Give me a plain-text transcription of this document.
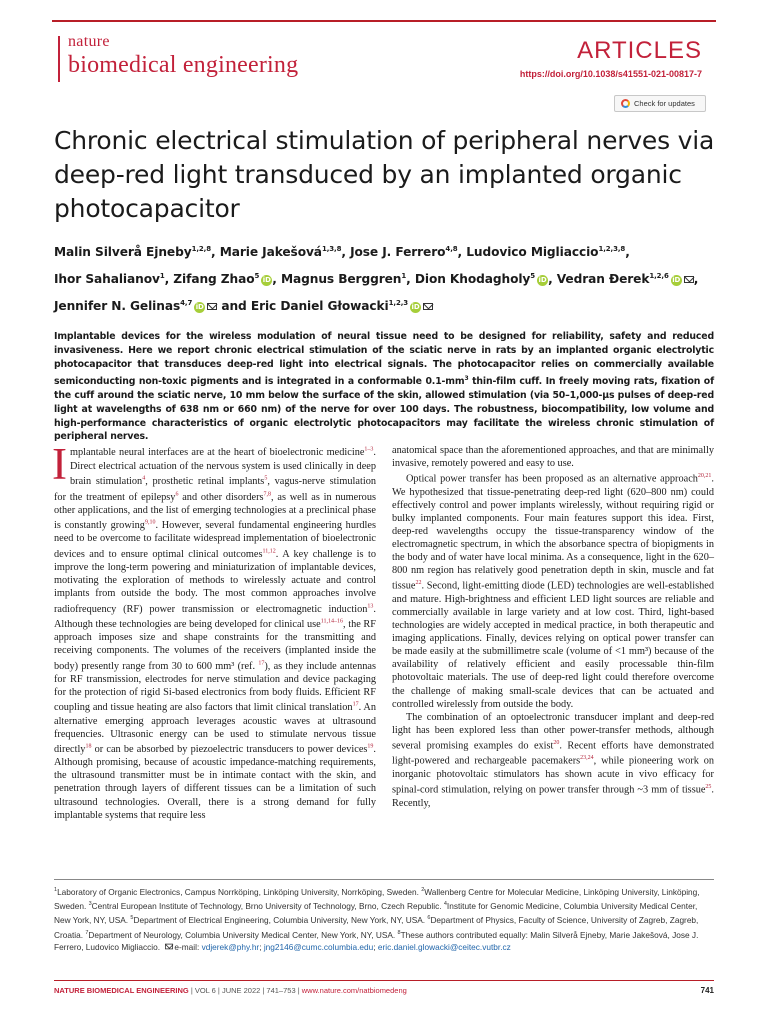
nature
biomedical engineering
ARTICLES
https://doi.org/10.1038/s41551-021-00817-7
Check for updates
Chronic electrical stimulation of peripheral nerves via deep-red light transduced by an implanted organic photocapacitor
Malin Silverå Ejneby$^{1,2,8}$, Marie Jakešová$^{1,3,8}$, Jose J. Ferrero$^{4,8}$, Ludovico Migliaccio$^{1,2,3,8}$,
Ihor Sahalianov$^1$, Zifang Zhao$^5$iD , Magnus Berggren$^1$, Dion Khodagholy$^5$iD , Vedran Đerek$^{1,2,6}$iD ,
Jennifer N. Gelinas$^{4,7}$iD and Eric Daniel Głowacki$^{1,2,3}$iD
Implantable devices for the wireless modulation of neural tissue need to be designed for reliability, safety and reduced invasiveness. Here we report chronic electrical stimulation of the sciatic nerve in rats by an implanted organic electrolytic photocapacitor that transduces deep-red light into electrical signals. The photocapacitor relies on commercially available semiconducting non-toxic pigments and is integrated in a conformable $0.1-mm^3$ thin-film cuff. In freely moving rats, fixation of the cuff around the sciatic nerve, 10 mm below the surface of the skin, allowed stimulation (via 50–1,000-μs pulses of deep-red light at wavelengths of 638 nm or 660 nm) of the nerve for over 100 days. The robustness, biocompatibility, low volume and high-performance characteristics of organic electrolytic photocapacitors may facilitate the wireless chronic stimulation of peripheral nerves.

Implantable neural interfaces are at the heart of bioelectronic medicine$^{1-3}$. Direct electrical actuation of the nervous system is used clinically in deep brain stimulation$^4$, prosthetic retinal implants$^5$, vagus-nerve stimulation for the treatment of epilepsy$^6$ and other disorders$^{7,8}$, as well as in numerous other applications, and the list of emerging technologies at a preclinical phase is constantly growing$^{9,10}$. However, several fundamental engineering hurdles need to be overcome to facilitate widespread implementation of bioelectronic devices and to ensure optimal clinical outcomes$^{11,12}$. A key challenge is to improve the long-term powering and miniaturization of implantable devices, motivating the exploration of methods to wirelessly actuate and control implants from outside the body. The most common approaches involve radiofrequency (RF) power transmission or electromagnetic induction$^{13}$. Although these technologies are being developed for clinical use$^{11,14-16}$, the RF approach imposes size and shape constraints for the transmitting and receiving components. The volumes of the receivers (implanted inside the body) presently range from 30 to 600 mm³ (ref. $^{17}$), as they include antennas for RF transmission, electrodes for nerve stimulation and device packaging for the protection of rigid Si-based electronics from body fluids. Efficient RF coupling and tissue heating are also factors that limit clinical translation$^{17}$. An alternative emerging approach leverages acoustic waves at ultrasound frequencies. Ultrasonic energy can be used to stimulate nervous tissue directly$^{18}$ or can be absorbed by piezoelectric transducers to power devices$^{19}$. Although promising, because of acoustic impedance-matching requirements, the ultrasound transmitter must be in intimate contact with the skin, and penetration through layers of different tissues can be a limitation of such ultrasound technologies. Overall, there is a strong demand for fully implantable systems that require less

anatomical space than the aforementioned approaches, and that are minimally invasive, remotely powered and easy to use.

Optical power transfer has been proposed as an alternative approach$^{20,21}$. We hypothesized that tissue-penetrating deep-red light (620–800 nm) could effectively control and power implants wirelessly, without requiring rigid or bulky implanted components. Four main features support this idea. First, deep-red wavelengths occupy the tissue-transparency window of the electromagnetic spectrum, in which the absorbance spectra of biopigments in the body and of water have local minima. As a consequence, light in the 620–800 nm region has relatively good penetration depth in skin, muscle and fat tissue$^{22}$. Second, light-emitting diode (LED) technologies are well-established and mature. High-brightness and efficient LED light sources are reliable and commercially available in large variety and at low cost. Third, light-based technologies are widely accepted in medical practice, in both therapeutic and imaging applications. Finally, devices relying on optical power transfer can be made easily at the submillimetre scale (volume of <1 mm³) because of the availability of relatively efficient and easily processable thin-film photovoltaic materials. The use of deep-red light could therefore overcome the challenge of making small-scale devices that can be actuated and controlled wirelessly from outside the body.

The combination of an optoelectronic transducer implant and deep-red light has been explored less than other power-transfer methods, although several promising examples do exist$^{20}$. Recent efforts have demonstrated light-powered and rechargeable pacemakers$^{23,24}$, while pioneering work on inorganic photovoltaic stimulators has shown acute in vivo efficacy for spinal-cord stimulation, relying on power transfer through ~3 mm of tissue$^{25}$. Recently,

$^1$Laboratory of Organic Electronics, Campus Norrköping, Linköping University, Norrköping, Sweden. $^2$Wallenberg Centre for Molecular Medicine, Linköping University, Linköping, Sweden. $^3$Central European Institute of Technology, Brno University of Technology, Brno, Czech Republic. $^4$Institute for Genomic Medicine, Columbia University Medical Center, New York, NY, USA. $^5$Department of Electrical Engineering, Columbia University, New York, NY, USA. $^6$Department of Physics, Faculty of Science, University of Zagreb, Zagreb, Croatia. $^7$Department of Neurology, Columbia University Medical Center, New York, NY, USA. $^8$These authors contributed equally: Malin Silverå Ejneby, Marie Jakešová, Jose J. Ferrero, Ludovico Migliaccio. e-mail: vdjerek@phy.hr; jng2146@cumc.columbia.edu; eric.daniel.glowacki@ceitec.vutbr.cz
NATURE BIOMEDICAL ENGINEERING | VOL 6 | JUNE 2022 | 741–753 | www.nature.com/natbiomedeng	741
